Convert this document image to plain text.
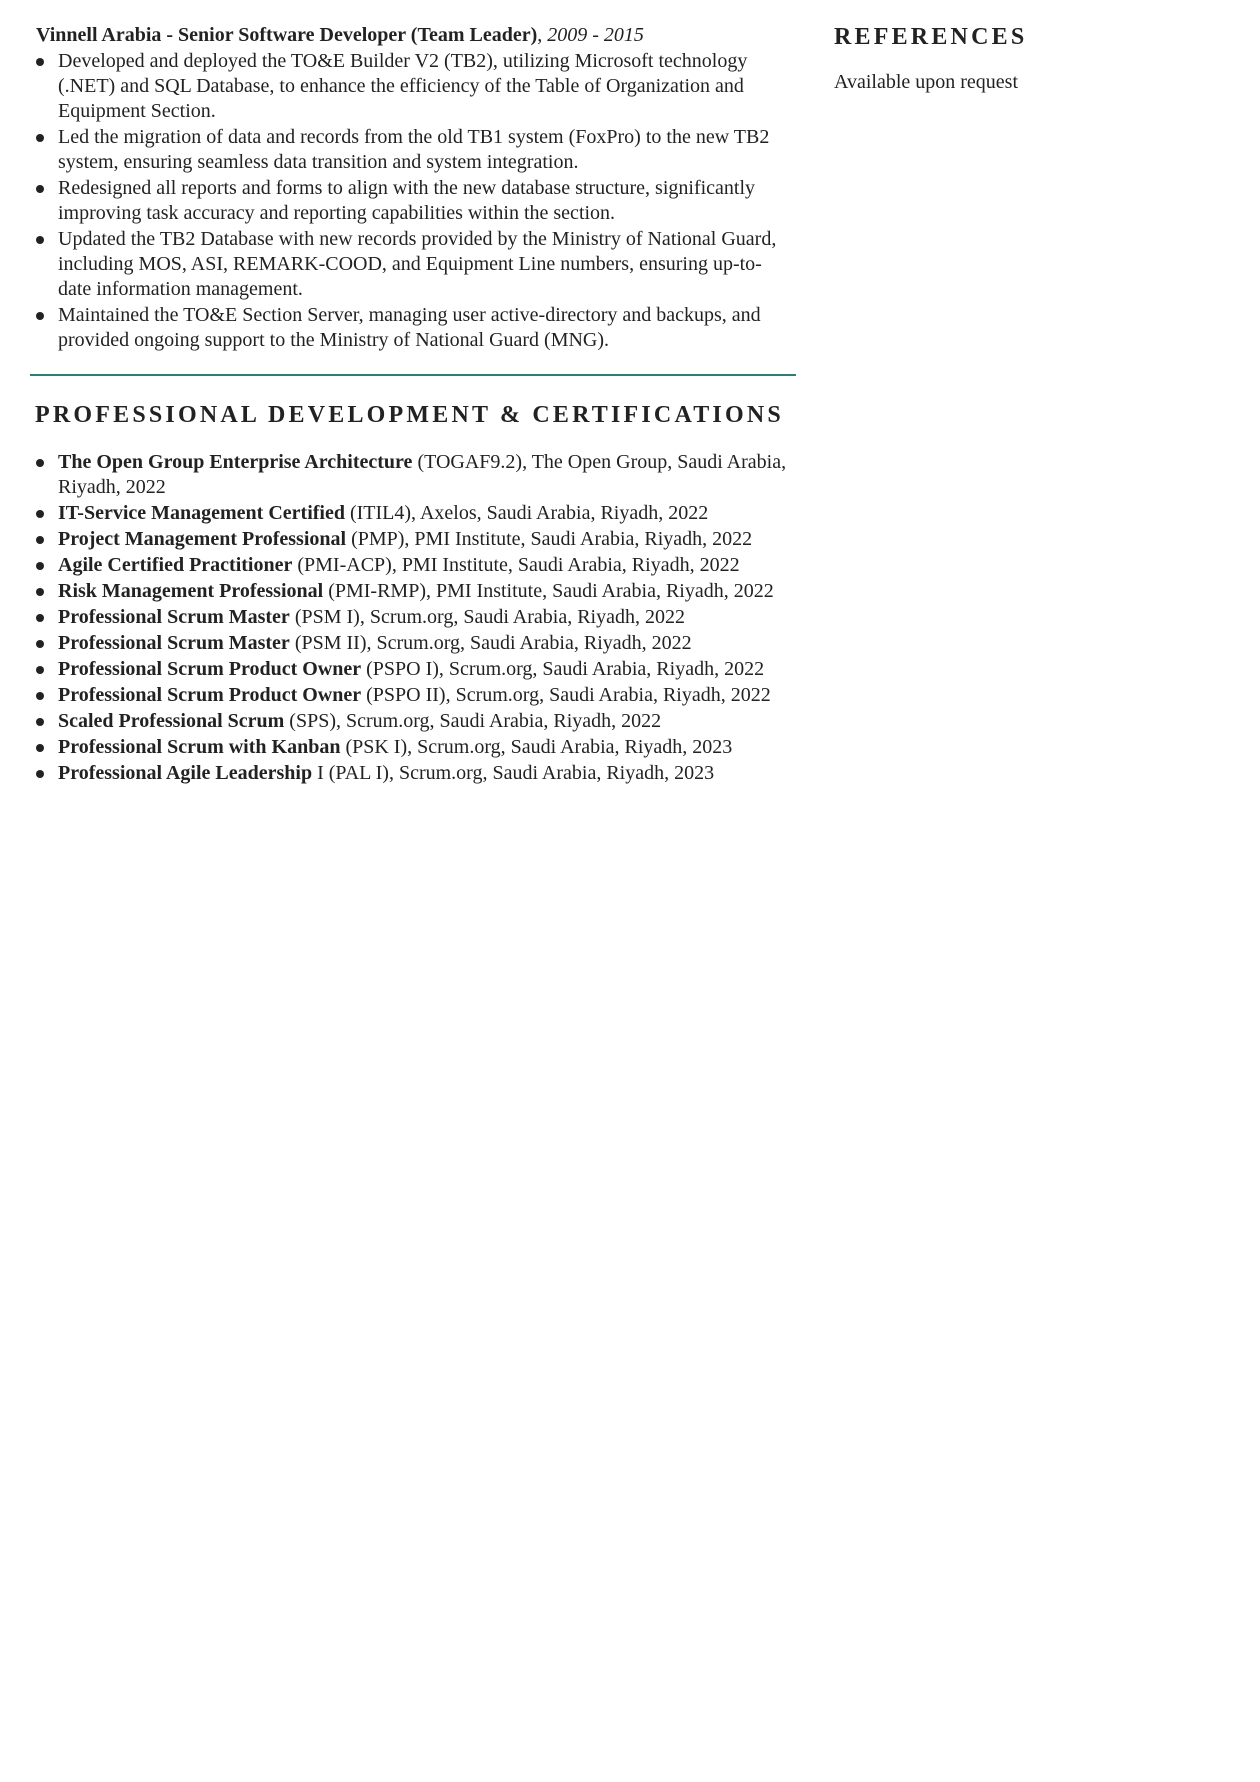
Vinnell Arabia - Senior Software Developer (Team Leader), 2009 - 2015
Developed and deployed the TO&E Builder V2 (TB2), utilizing Microsoft technology (.NET) and SQL Database, to enhance the efficiency of the Table of Organization and Equipment Section.
Led the migration of data and records from the old TB1 system (FoxPro) to the new TB2 system, ensuring seamless data transition and system integration.
Redesigned all reports and forms to align with the new database structure, significantly improving task accuracy and reporting capabilities within the section.
Updated the TB2 Database with new records provided by the Ministry of National Guard, including MOS, ASI, REMARK-COOD, and Equipment Line numbers, ensuring up-to-date information management.
Maintained the TO&E Section Server, managing user active-directory and backups, and provided ongoing support to the Ministry of National Guard (MNG).
PROFESSIONAL DEVELOPMENT & CERTIFICATIONS
The Open Group Enterprise Architecture (TOGAF9.2), The Open Group, Saudi Arabia, Riyadh, 2022
IT-Service Management Certified (ITIL4), Axelos, Saudi Arabia, Riyadh, 2022
Project Management Professional (PMP), PMI Institute, Saudi Arabia, Riyadh, 2022
Agile Certified Practitioner (PMI-ACP), PMI Institute, Saudi Arabia, Riyadh, 2022
Risk Management Professional (PMI-RMP), PMI Institute, Saudi Arabia, Riyadh, 2022
Professional Scrum Master (PSM I), Scrum.org, Saudi Arabia, Riyadh, 2022
Professional Scrum Master (PSM II), Scrum.org, Saudi Arabia, Riyadh, 2022
Professional Scrum Product Owner (PSPO I), Scrum.org, Saudi Arabia, Riyadh, 2022
Professional Scrum Product Owner (PSPO II), Scrum.org, Saudi Arabia, Riyadh, 2022
Scaled Professional Scrum (SPS), Scrum.org, Saudi Arabia, Riyadh, 2022
Professional Scrum with Kanban (PSK I), Scrum.org, Saudi Arabia, Riyadh, 2023
Professional Agile Leadership I (PAL I), Scrum.org, Saudi Arabia, Riyadh, 2023
REFERENCES
Available upon request
